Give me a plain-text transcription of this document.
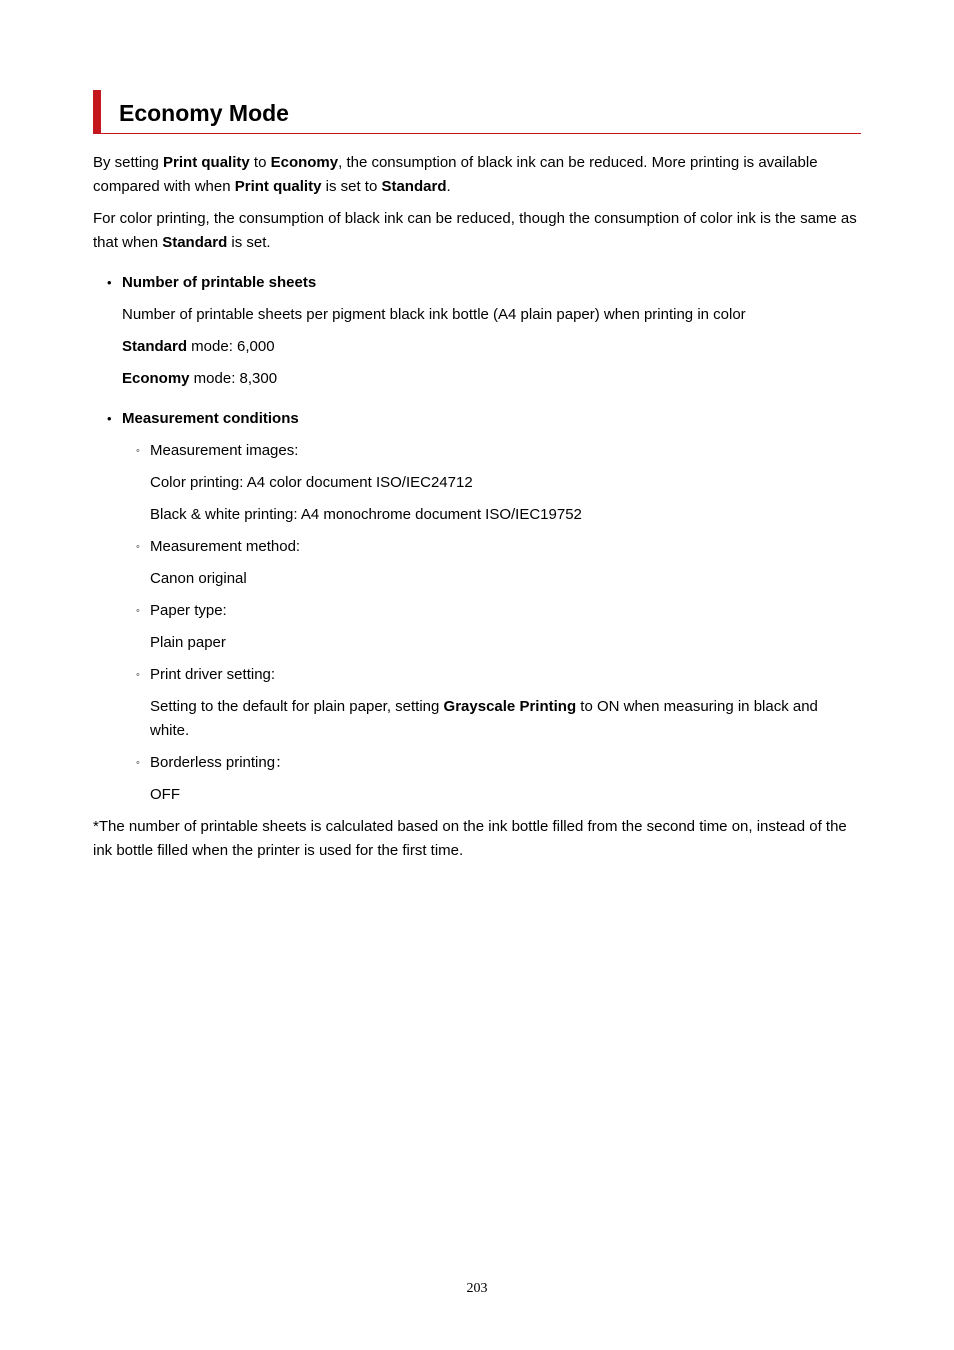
Economy Mode

By setting Print quality to Economy, the consumption of black ink can be reduced. More printing is available compared with when Print quality is set to Standard.

For color printing, the consumption of black ink can be reduced, though the consumption of color ink is the same as that when Standard is set.

• Number of printable sheets

Number of printable sheets per pigment black ink bottle (A4 plain paper) when printing in color

Standard mode: 6,000

Economy mode: 8,300

• Measurement conditions

◦ Measurement images:

Color printing: A4 color document ISO/IEC24712

Black & white printing: A4 monochrome document ISO/IEC19752

◦ Measurement method:

Canon original

◦ Paper type:

Plain paper

◦ Print driver setting:

Setting to the default for plain paper, setting Grayscale Printing to ON when measuring in black and white.

◦ Borderless printing：

OFF

*The number of printable sheets is calculated based on the ink bottle filled from the second time on, instead of the ink bottle filled when the printer is used for the first time.

203
